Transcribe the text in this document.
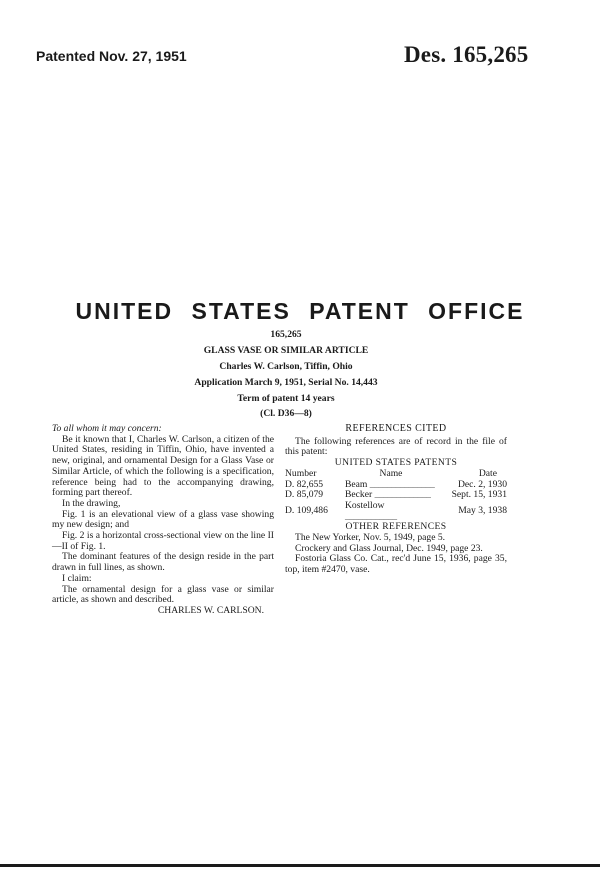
Patented Nov. 27, 1951	Des. 165,265
UNITED STATES PATENT OFFICE
165,265
GLASS VASE OR SIMILAR ARTICLE
Charles W. Carlson, Tiffin, Ohio
Application March 9, 1951, Serial No. 14,443
Term of patent 14 years
(Cl. D36—8)

To all whom it may concern:

Be it known that I, Charles W. Carlson, a citizen of the United States, residing in Tiffin, Ohio, have invented a new, original, and ornamental Design for a Glass Vase or Similar Article, of which the following is a specification, reference being had to the accompanying drawing, forming part thereof.

In the drawing,

Fig. 1 is an elevational view of a glass vase showing my new design; and

Fig. 2 is a horizontal cross-sectional view on the line II—II of Fig. 1.

The dominant features of the design reside in the part drawn in full lines, as shown.

I claim:

The ornamental design for a glass vase or similar article, as shown and described.

CHARLES W. CARLSON.

REFERENCES CITED

The following references are of record in the file of this patent:

UNITED STATES PATENTS

Number	Name	Date
D. 82,655	Beam _______________	Dec. 2, 1930
D. 85,079	Becker _____________	Sept. 15, 1931
D. 109,486	Kostellow ____________	May 3, 1938

OTHER REFERENCES

The New Yorker, Nov. 5, 1949, page 5.

Crockery and Glass Journal, Dec. 1949, page 23.

Fostoria Glass Co. Cat., rec'd June 15, 1936, page 35, top, item #2470, vase.
